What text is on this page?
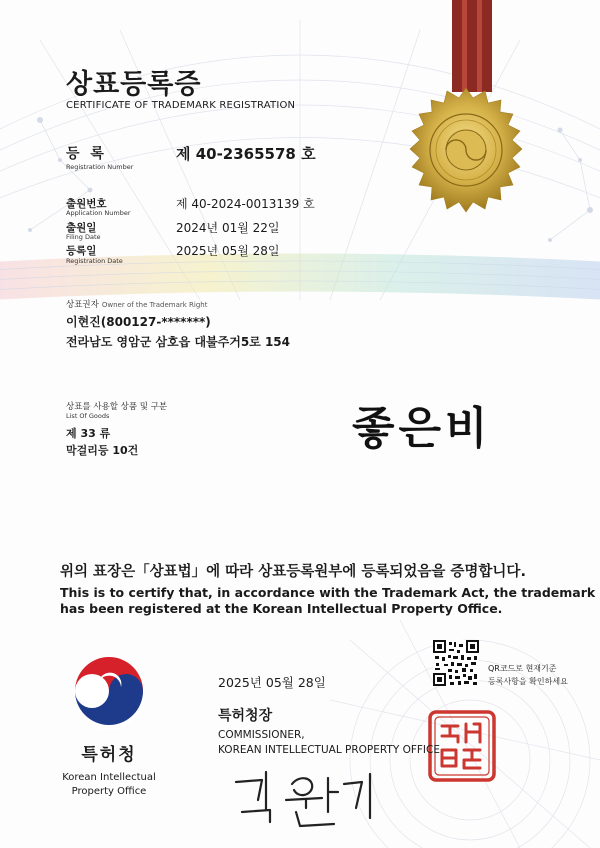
상표등록증
CERTIFICATE OF TRADEMARK REGISTRATION
등 록
Registration Number
제 40-2365578 호
출원번호
Application Number
제 40-2024-0013139 호
출원일
Filing Date
2024년 01월 22일
등록일
Registration Date
2025년 05월 28일
상표권자 Owner of the Trademark Right
이현진(800127-*******)
전라남도 영암군 삼호읍 대불주거5로 154
상표를 사용할 상품 및 구분
List Of Goods
제 33 류
막걸리등 10건	좋은비
위의 표장은「상표법」에 따라 상표등록원부에 등록되었음을 증명합니다.
This is to certify that, in accordance with the Trademark Act, the trademark
has been registered at the Korean Intellectual Property Office.
2025년 05월 28일
특허청장
COMMISSIONER,
KOREAN INTELLECTUAL PROPERTY OFFICE
특허청
Korean Intellectual
Property Office
QR코드로 현재기준
등록사항을 확인하세요
